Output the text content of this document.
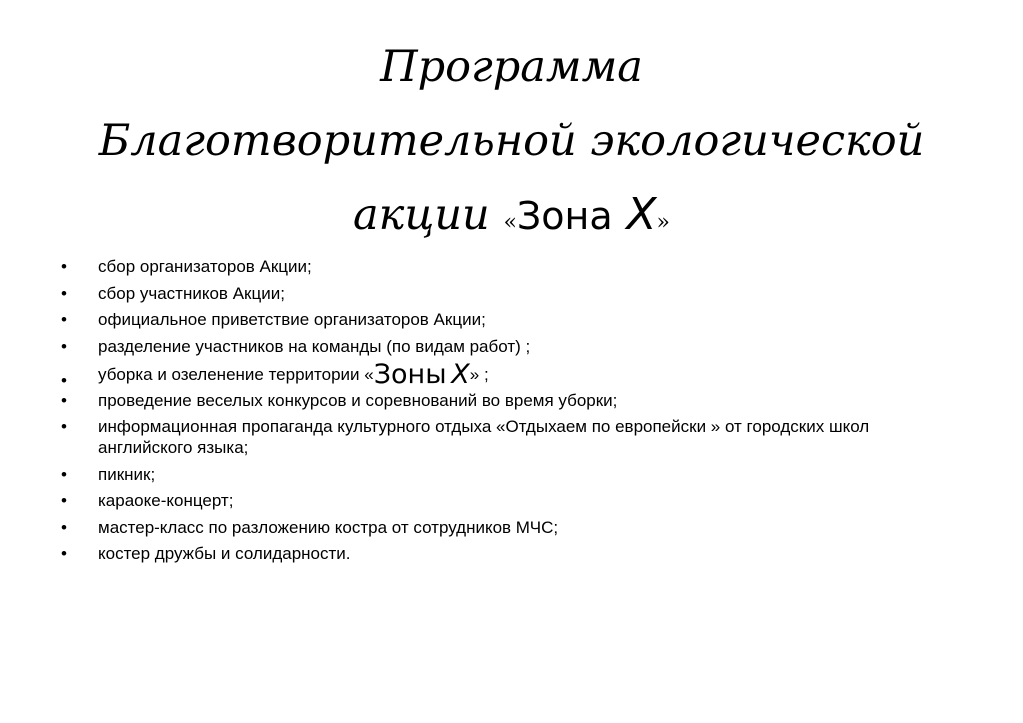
Программа
Благотворительной экологической
акции «Зона X»
• сбор организаторов Акции;
• сбор участников Акции;
• официальное приветствие организаторов Акции;
• разделение участников на команды (по видам работ) ;
• уборка и озеленение территории «Зоны X» ;
• проведение веселых конкурсов и соревнований во время уборки;
• информационная пропаганда культурного отдыха «Отдыхаем по европейски » от городских школ английского языка;
• пикник;
• караоке-концерт;
• мастер-класс по разложению костра от сотрудников МЧС;
• костер дружбы и солидарности.
